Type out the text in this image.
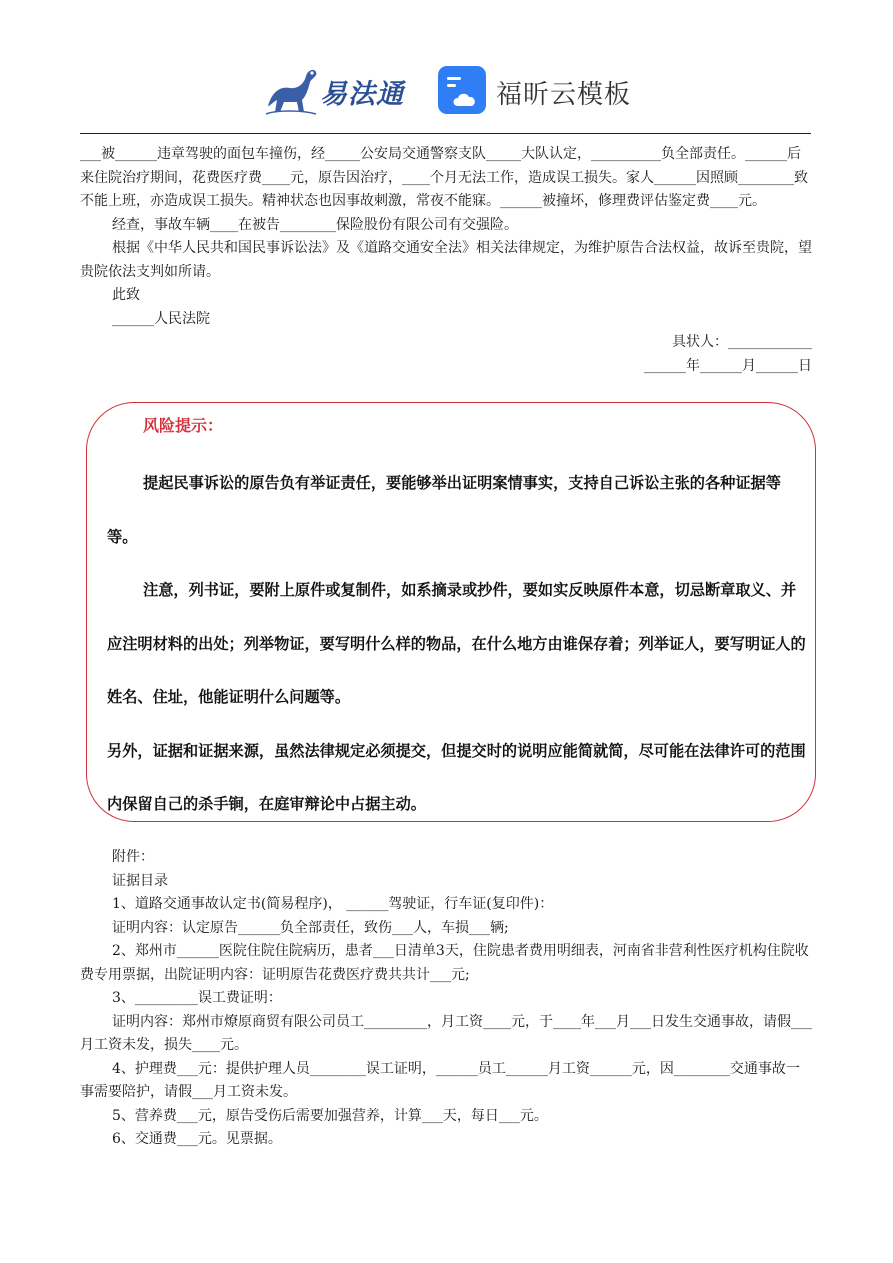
易法通	福昕云模板

___被______违章驾驶的面包车撞伤，经_____公安局交通警察支队_____大队认定，__________负全部责任。______后来住院治疗期间，花费医疗费____元，原告因治疗，____个月无法工作，造成误工损失。家人______因照顾________致不能上班，亦造成误工损失。精神状态也因事故刺激，常夜不能寐。______被撞坏，修理费评估鉴定费____元。

经查，事故车辆____在被告________保险股份有限公司有交强险。

根据《中华人民共和国民事诉讼法》及《道路交通安全法》相关法律规定，为维护原告合法权益，故诉至贵院，望贵院依法支判如所请。

此致

______人民法院

具状人：____________

______年______月______日

风险提示：

提起民事诉讼的原告负有举证责任，要能够举出证明案情事实，支持自己诉讼主张的各种证据等等。

注意，列书证，要附上原件或复制件，如系摘录或抄件，要如实反映原件本意，切忌断章取义、并应注明材料的出处；列举物证，要写明什么样的物品，在什么地方由谁保存着；列举证人，要写明证人的姓名、住址，他能证明什么问题等。

另外，证据和证据来源，虽然法律规定必须提交，但提交时的说明应能简就简，尽可能在法律许可的范围内保留自己的杀手锏，在庭审辩论中占据主动。

附件：

证据目录

1、道路交通事故认定书(简易程序)， ______驾驶证，行车证(复印件)：

证明内容：认定原告______负全部责任，致伤___人，车损___辆;

2、郑州市______医院住院住院病历，患者___日清单3天，住院患者费用明细表，河南省非营利性医疗机构住院收费专用票据，出院证明内容：证明原告花费医疗费共共计___元;

3、_________误工费证明：

证明内容：郑州市燎原商贸有限公司员工_________，月工资____元，于____年___月___日发生交通事故，请假___月工资未发，损失____元。

4、护理费___元：提供护理人员________误工证明，______员工______月工资______元，因________交通事故一事需要陪护，请假___月工资未发。

5、营养费___元，原告受伤后需要加强营养，计算___天，每日___元。

6、交通费___元。见票据。
